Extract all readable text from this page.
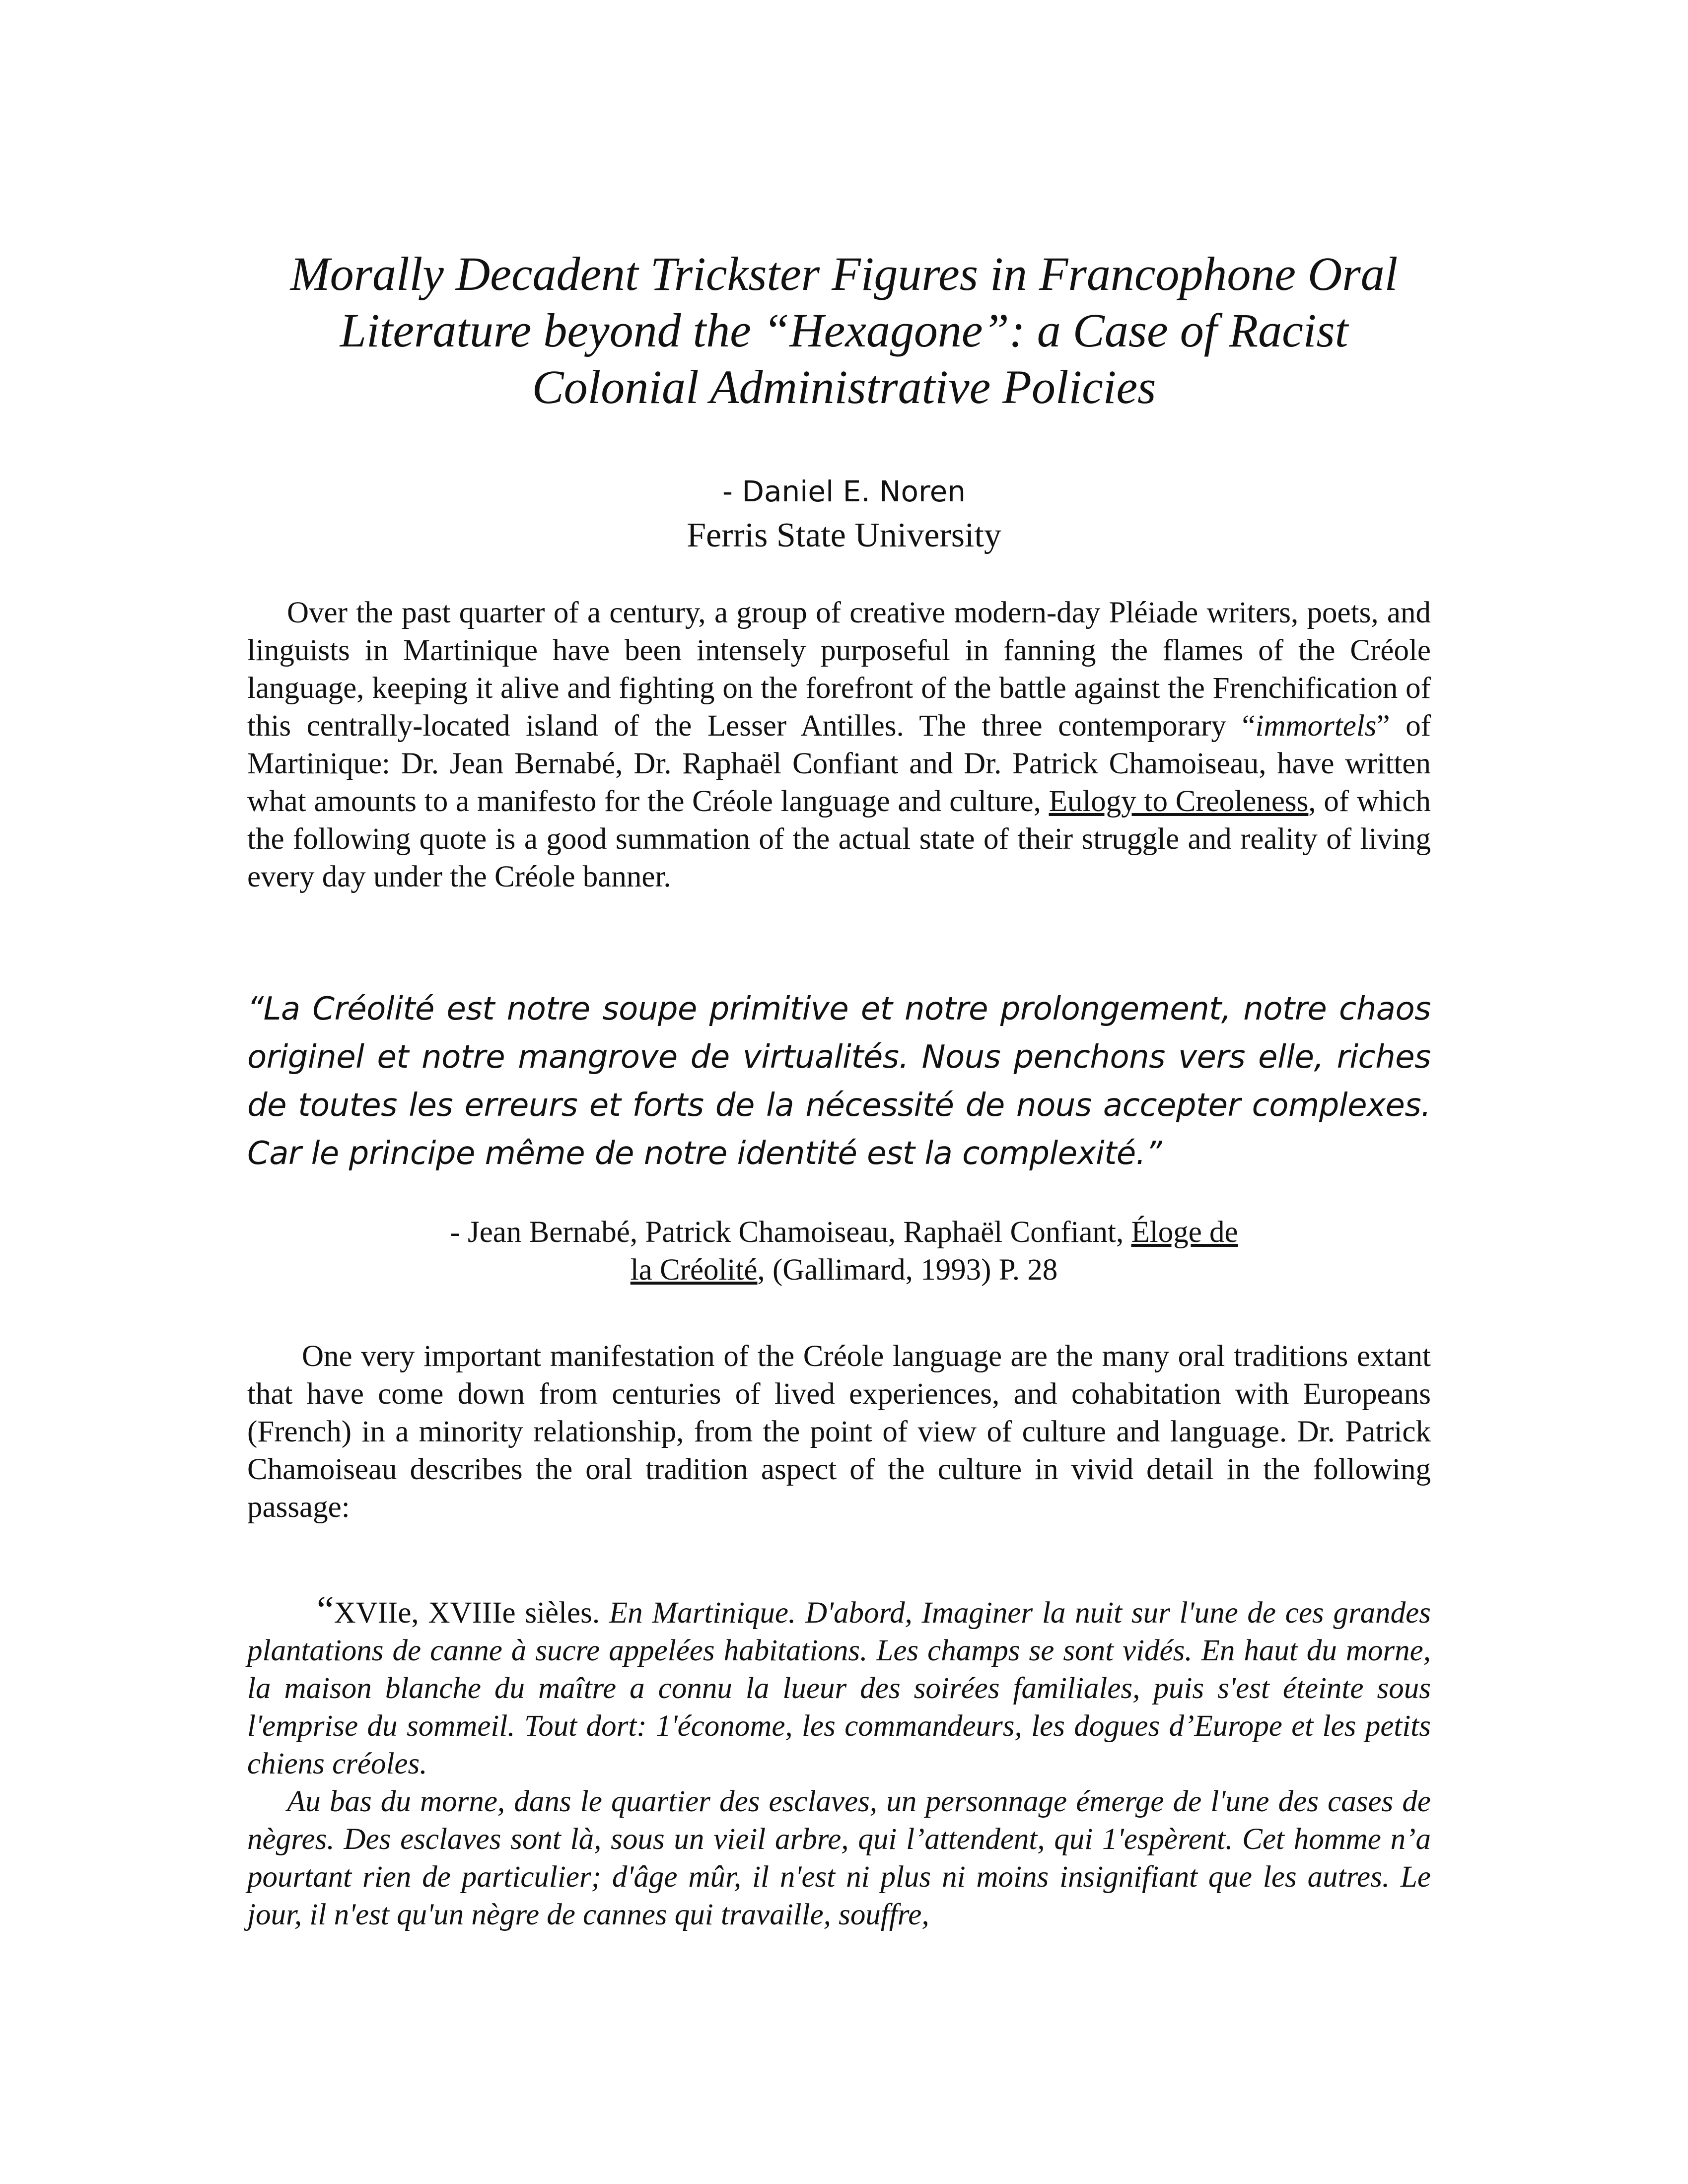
Morally Decadent Trickster Figures in Francophone Oral
Literature beyond the “Hexagone”: a Case of Racist
Colonial Administrative Policies
- Daniel E. Noren
Ferris State University

Over the past quarter of a century, a group of creative modern-day Pléiade writers, poets, and linguists in Martinique have been intensely purposeful in fanning the flames of the Créole language, keeping it alive and fighting on the forefront of the battle against the Frenchification of this centrally-located island of the Lesser Antilles. The three contemporary “immortels” of Martinique: Dr. Jean Bernabé, Dr. Raphaël Confiant and Dr. Patrick Chamoiseau, have written what amounts to a manifesto for the Créole language and culture, Eulogy to Creoleness, of which the following quote is a good summation of the actual state of their struggle and reality of living every day under the Créole banner.

“La Créolité est notre soupe primitive et notre prolongement, notre chaos originel et notre mangrove de virtualités. Nous penchons vers elle, riches de toutes les erreurs et forts de la nécessité de nous accepter complexes. Car le principe même de notre identité est la complexité.”

- Jean Bernabé, Patrick Chamoiseau, Raphaël Confiant, Éloge de
la Créolité, (Gallimard, 1993) P. 28

One very important manifestation of the Créole language are the many oral traditions extant that have come down from centuries of lived experiences, and cohabitation with Europeans (French) in a minority relationship, from the point of view of culture and language. Dr. Patrick Chamoiseau describes the oral tradition aspect of the culture in vivid detail in the following passage:

“XVIIe, XVIIIe sièles. En Martinique. D'abord, Imaginer la nuit sur l'une de ces grandes plantations de canne à sucre appelées habitations. Les champs se sont vidés. En haut du morne, la maison blanche du maître a connu la lueur des soirées familiales, puis s'est éteinte sous l'emprise du sommeil. Tout dort: 1'économe, les commandeurs, les dogues d’Europe et les petits chiens créoles.
Au bas du morne, dans le quartier des esclaves, un personnage émerge de l'une des cases de nègres. Des esclaves sont là, sous un vieil arbre, qui l’attendent, qui 1'espèrent. Cet homme n’a pourtant rien de particulier; d'âge mûr, il n'est ni plus ni moins insignifiant que les autres. Le jour, il n'est qu'un nègre de cannes qui travaille, souffre,
